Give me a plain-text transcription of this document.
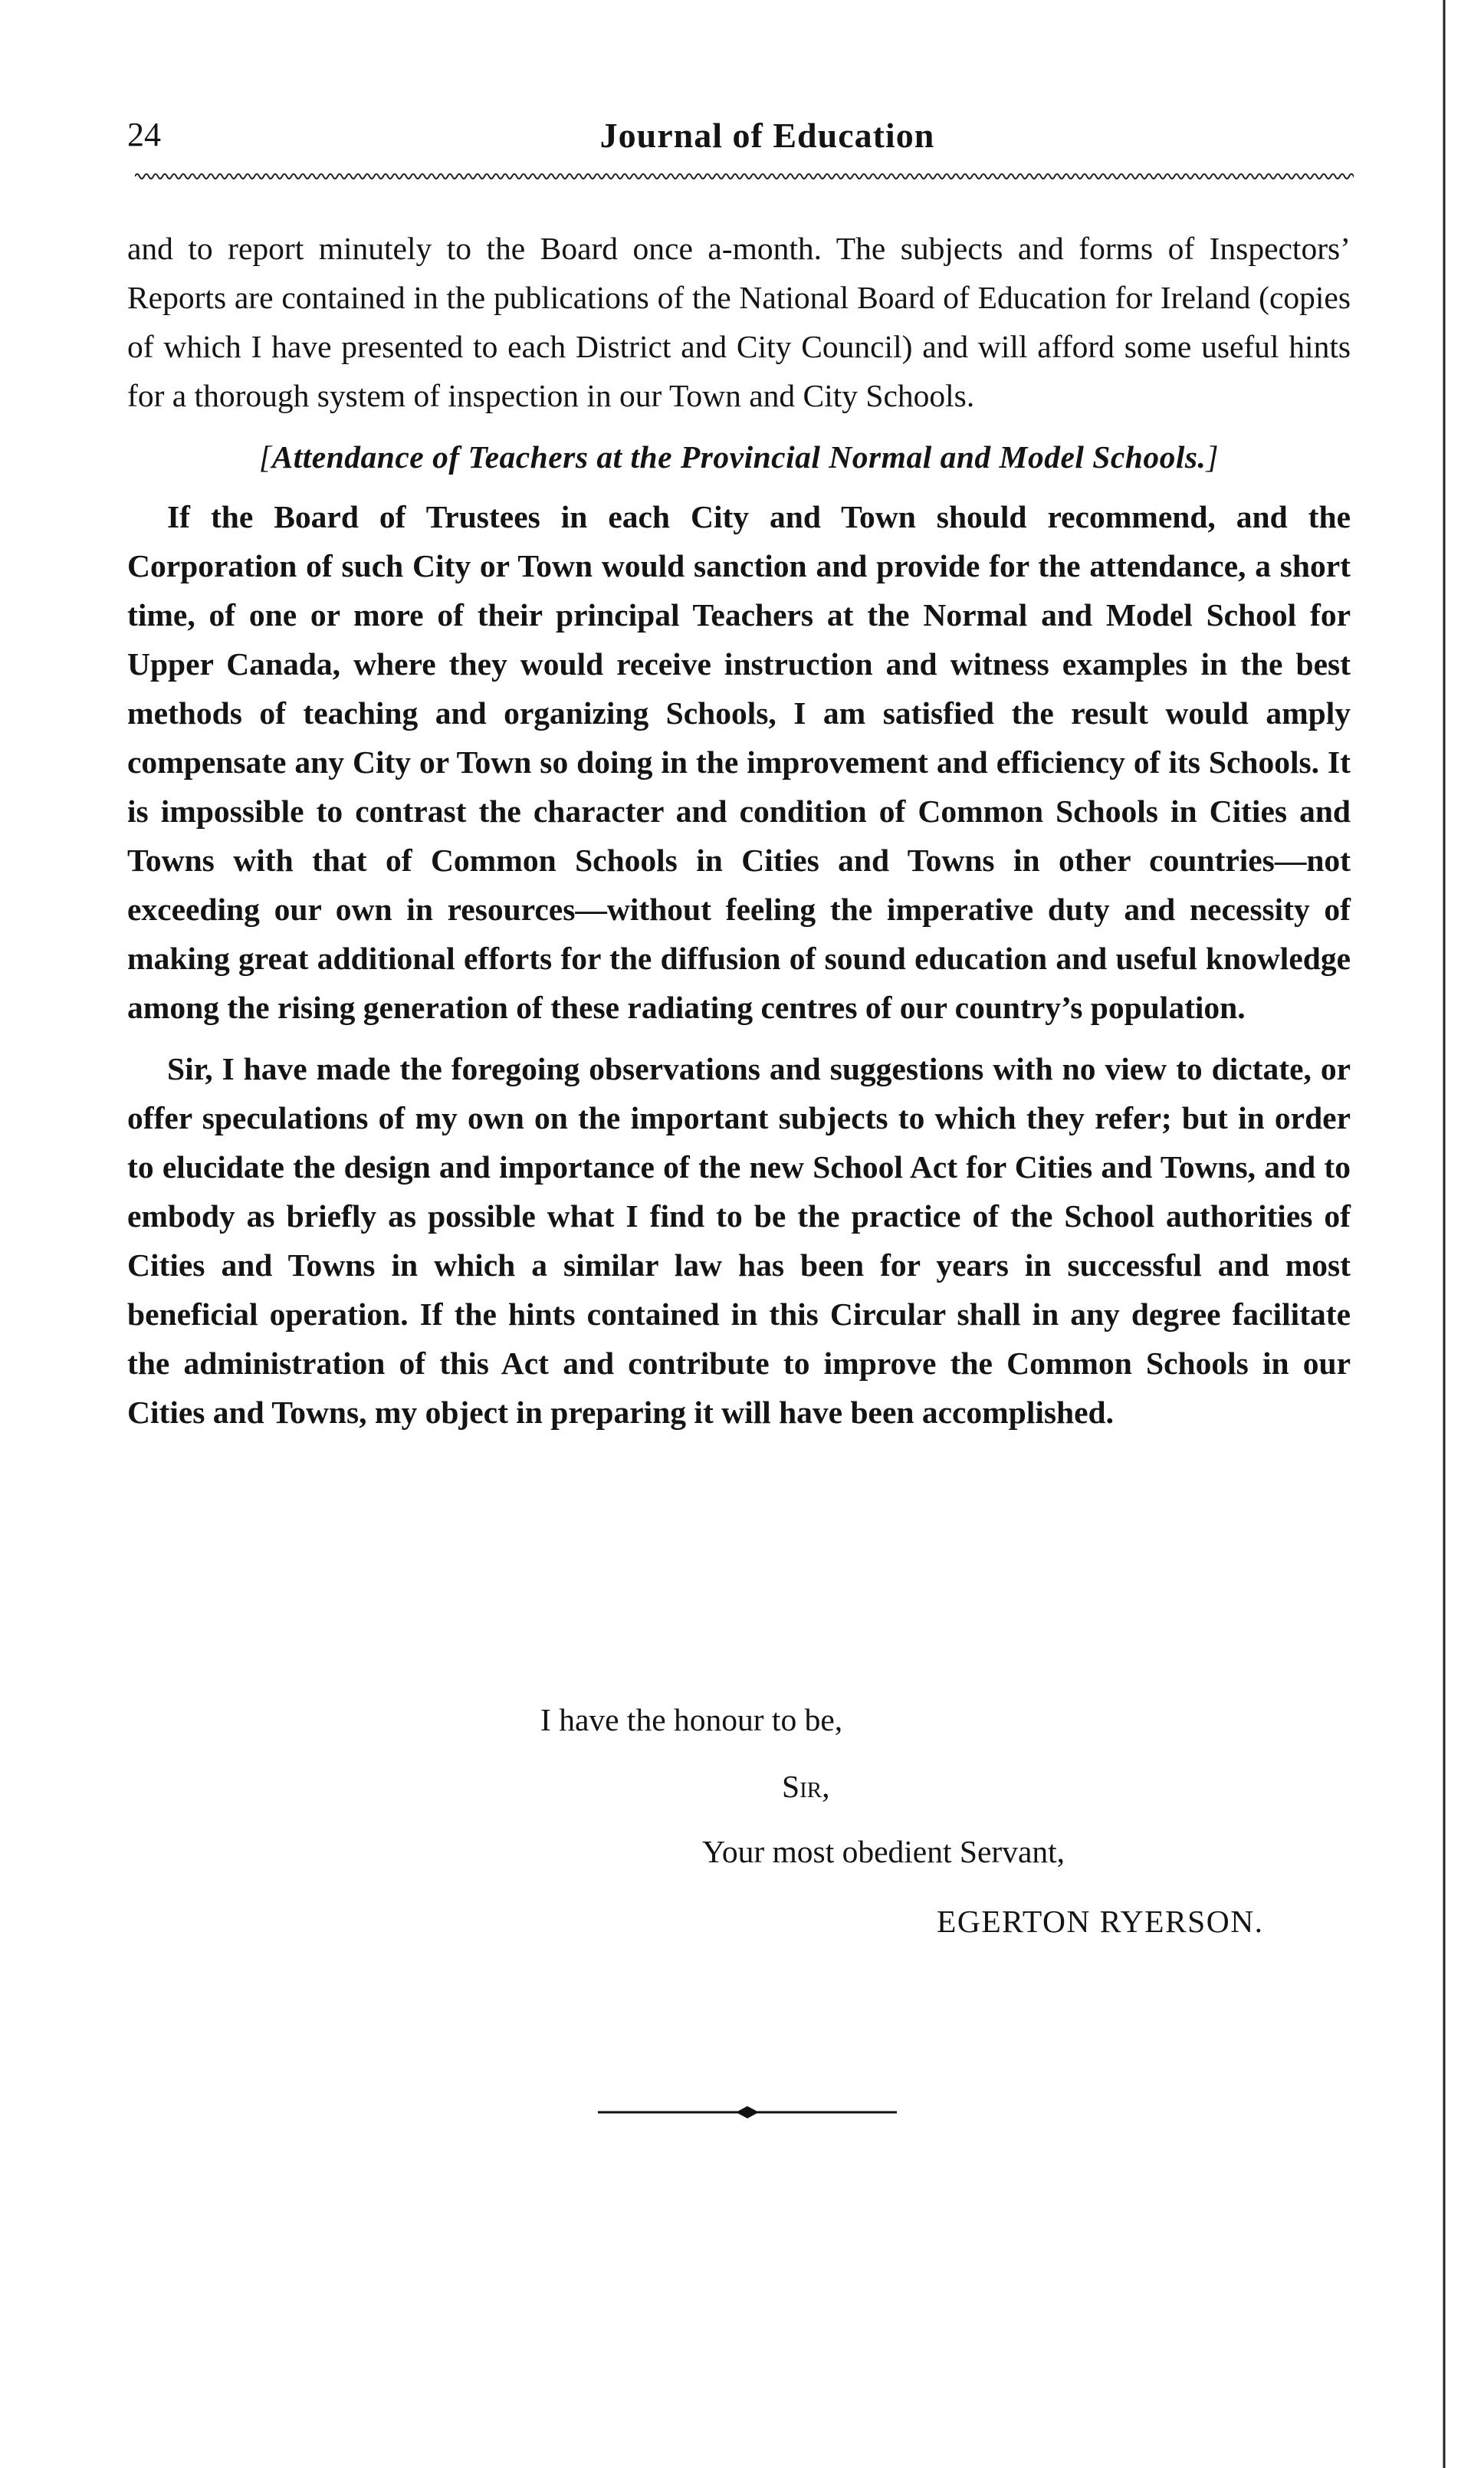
24	Journal of Education

and to report minutely to the Board once a-month. The subjects and forms of Inspectors’ Reports are contained in the publications of the National Board of Education for Ireland (copies of which I have presented to each District and City Council) and will afford some useful hints for a thorough system of inspection in our Town and City Schools.

[Attendance of Teachers at the Provincial Normal and Model Schools.]

If the Board of Trustees in each City and Town should recommend, and the Corporation of such City or Town would sanction and provide for the attendance, a short time, of one or more of their principal Teachers at the Normal and Model School for Upper Canada, where they would receive instruction and witness examples in the best methods of teaching and organizing Schools, I am satisfied the result would amply compensate any City or Town so doing in the improvement and efficiency of its Schools. It is impossible to contrast the character and condition of Common Schools in Cities and Towns with that of Common Schools in Cities and Towns in other countries—not exceeding our own in resources—without feeling the imperative duty and necessity of making great additional efforts for the diffusion of sound education and useful knowledge among the rising generation of these radiating centres of our country’s population.

Sir, I have made the foregoing observations and suggestions with no view to dictate, or offer speculations of my own on the important subjects to which they refer; but in order to elucidate the design and importance of the new School Act for Cities and Towns, and to embody as briefly as possible what I find to be the practice of the School authorities of Cities and Towns in which a similar law has been for years in successful and most beneficial operation. If the hints contained in this Circular shall in any degree facilitate the administration of this Act and contribute to improve the Common Schools in our Cities and Towns, my object in preparing it will have been accomplished.

I have the honour to be,
Sir,
Your most obedient Servant,
EGERTON RYERSON.
